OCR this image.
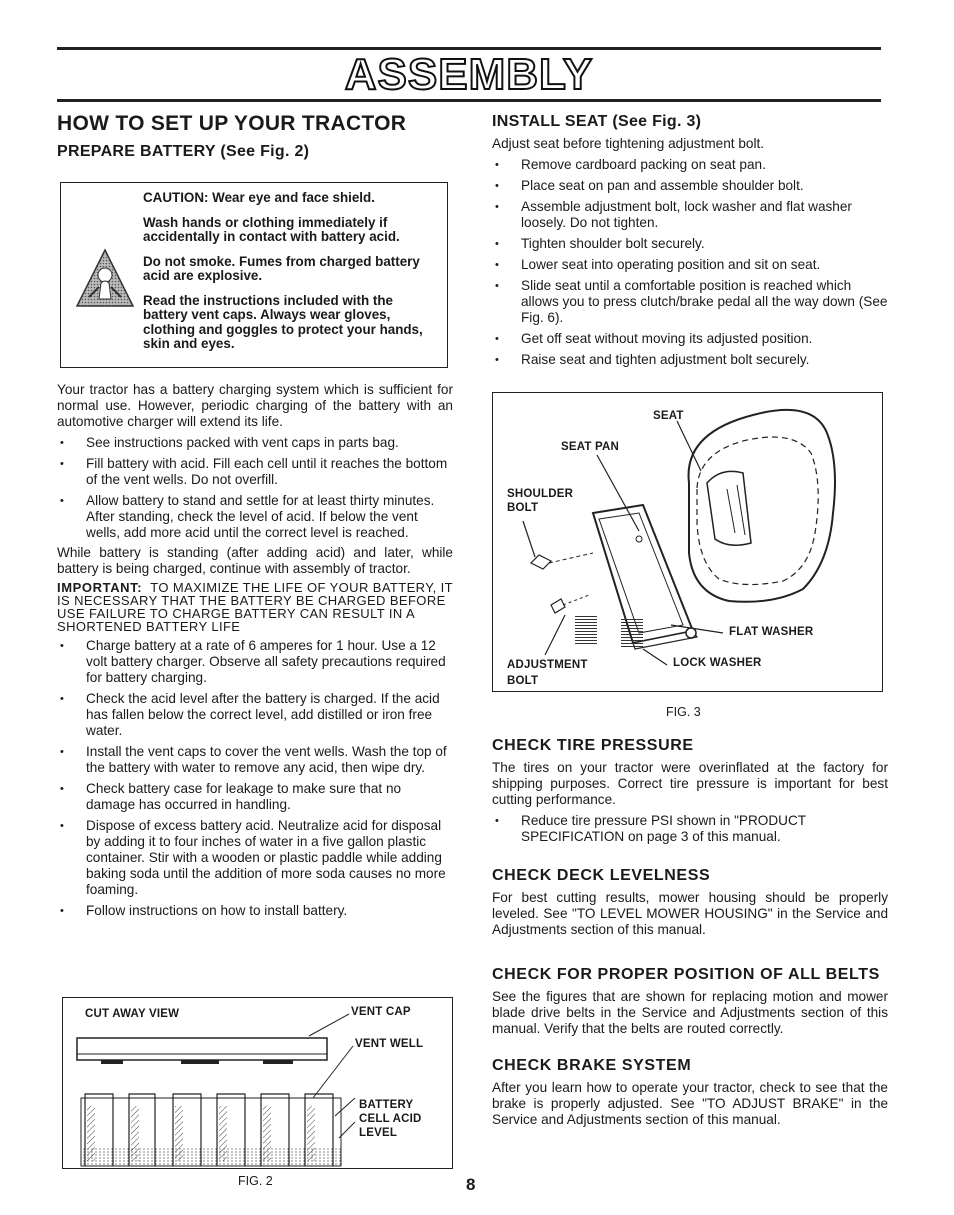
ASSEMBLY
HOW TO SET UP YOUR TRACTOR
PREPARE BATTERY (See Fig. 2)

CAUTION: Wear eye and face shield.

Wash hands or clothing immediately if accidentally in contact with battery acid.

Do not smoke. Fumes from charged battery acid are explosive.

Read the instructions included with the battery vent caps. Always wear gloves, clothing and goggles to protect your hands, skin and eyes.

Your tractor has a battery charging system which is sufficient for normal use. However, periodic charging of the battery with an automotive charger will extend its life.

• See instructions packed with vent caps in parts bag.
• Fill battery with acid. Fill each cell until it reaches the bottom of the vent wells. Do not overfill.
• Allow battery to stand and settle for at least thirty minutes. After standing, check the level of acid. If below the vent wells, add more acid until the correct level is reached.

While battery is standing (after adding acid) and later, while battery is being charged, continue with assembly of tractor.

IMPORTANT: TO MAXIMIZE THE LIFE OF YOUR BATTERY, IT IS NECESSARY THAT THE BATTERY BE CHARGED BEFORE USE FAILURE TO CHARGE BATTERY CAN RESULT IN A SHORTENED BATTERY LIFE

• Charge battery at a rate of 6 amperes for 1 hour. Use a 12 volt battery charger. Observe all safety precautions required for battery charging.
• Check the acid level after the battery is charged. If the acid has fallen below the correct level, add distilled or iron free water.
• Install the vent caps to cover the vent wells. Wash the top of the battery with water to remove any acid, then wipe dry.
• Check battery case for leakage to make sure that no damage has occurred in handling.
• Dispose of excess battery acid. Neutralize acid for disposal by adding it to four inches of water in a five gallon plastic container. Stir with a wooden or plastic paddle while adding baking soda until the addition of more soda causes no more foaming.
• Follow instructions on how to install battery.
CUT AWAY VIEW	VENT CAP
VENT WELL
BATTERY
CELL ACID
LEVEL
FIG. 2
INSTALL SEAT (See Fig. 3)

Adjust seat before tightening adjustment bolt.

• Remove cardboard packing on seat pan.
• Place seat on pan and assemble shoulder bolt.
• Assemble adjustment bolt, lock washer and flat washer loosely. Do not tighten.
• Tighten shoulder bolt securely.
• Lower seat into operating position and sit on seat.
• Slide seat until a comfortable position is reached which allows you to press clutch/brake pedal all the way down (See Fig. 6).
• Get off seat without moving its adjusted position.
• Raise seat and tighten adjustment bolt securely.
SEAT
SEAT PAN
SHOULDER
BOLT
FLAT WASHER
ADJUSTMENT
BOLT
LOCK WASHER
FIG. 3
CHECK TIRE PRESSURE

The tires on your tractor were overinflated at the factory for shipping purposes. Correct tire pressure is important for best cutting performance.

• Reduce tire pressure PSI shown in "PRODUCT SPECIFICATION on page 3 of this manual.
CHECK DECK LEVELNESS

For best cutting results, mower housing should be properly leveled. See "TO LEVEL MOWER HOUSING" in the Service and Adjustments section of this manual.

CHECK FOR PROPER POSITION OF ALL BELTS

See the figures that are shown for replacing motion and mower blade drive belts in the Service and Adjustments section of this manual. Verify that the belts are routed correctly.

CHECK BRAKE SYSTEM

After you learn how to operate your tractor, check to see that the brake is properly adjusted. See "TO ADJUST BRAKE" in the Service and Adjustments section of this manual.

8
